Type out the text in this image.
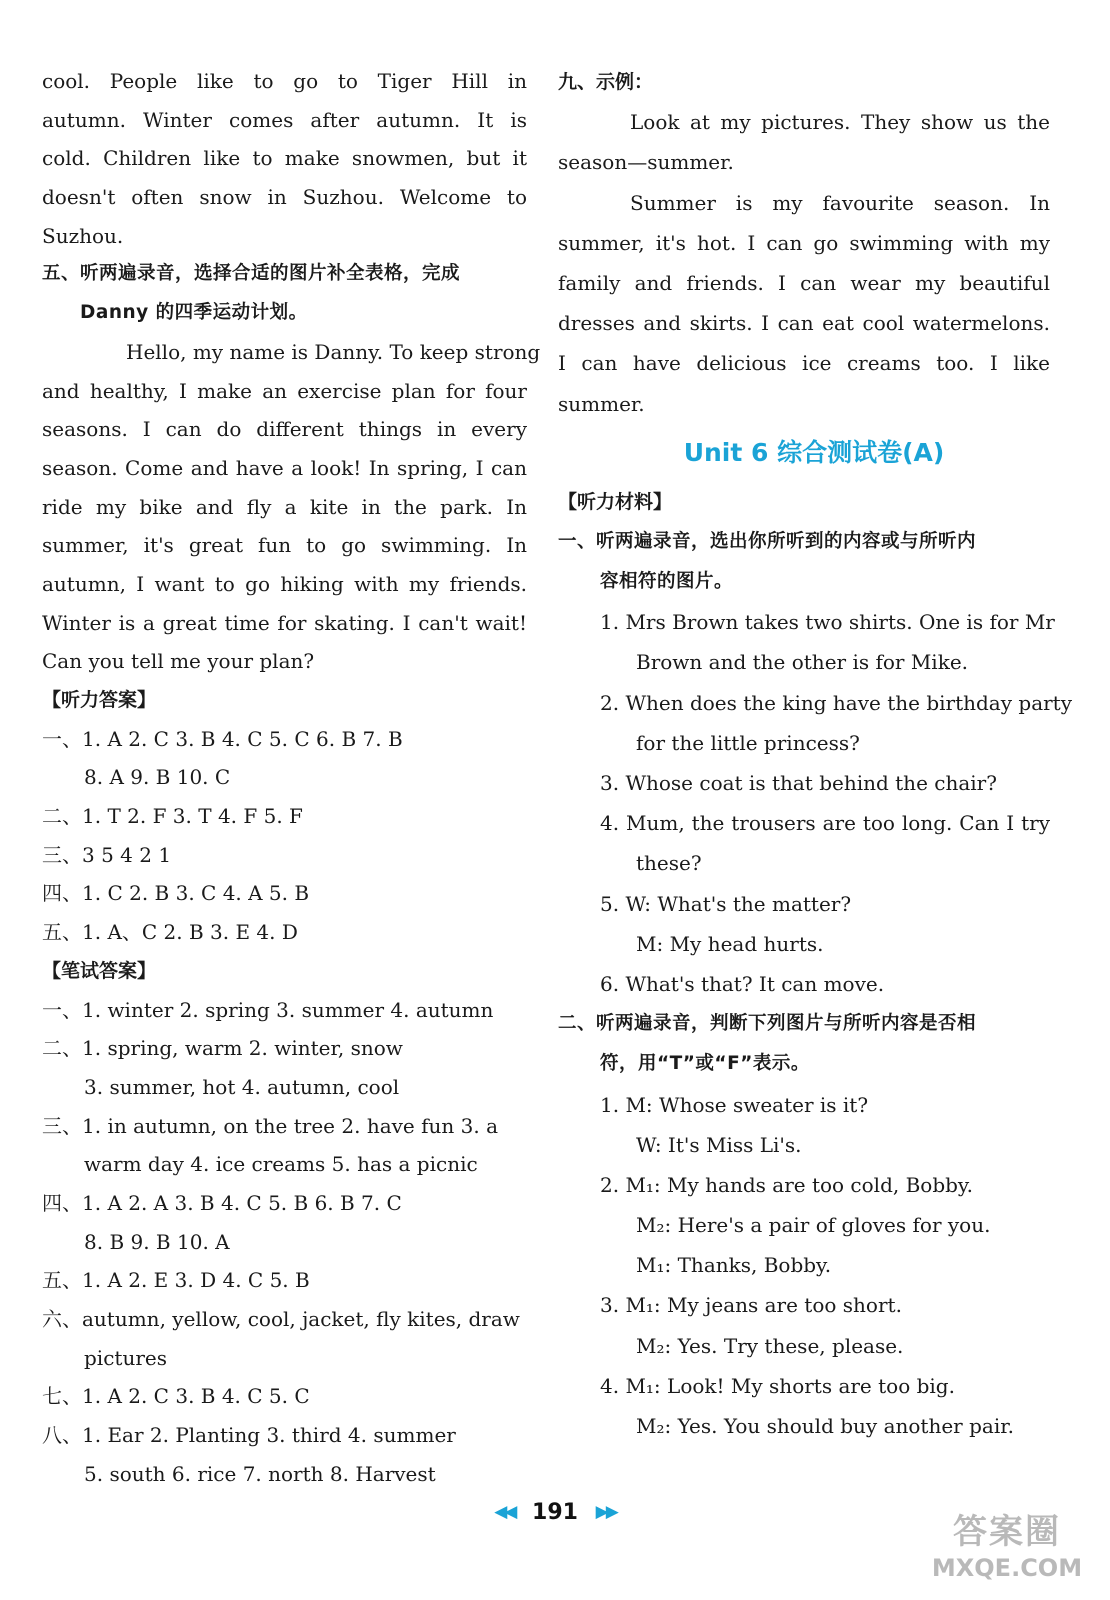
cool. People like to go to Tiger Hill in
autumn. Winter comes after autumn. It is
cold. Children like to make snowmen, but it
doesn't often snow in Suzhou. Welcome to
Suzhou.
五、听两遍录音，选择合适的图片补全表格，完成
Danny 的四季运动计划。
Hello, my name is Danny. To keep strong
and healthy, I make an exercise plan for four
seasons. I can do different things in every
season. Come and have a look! In spring, I can
ride my bike and fly a kite in the park. In
summer, it's great fun to go swimming. In
autumn, I want to go hiking with my friends.
Winter is a great time for skating. I can't wait!
Can you tell me your plan?
【听力答案】
一、1. A 2. C 3. B 4. C 5. C 6. B 7. B
8. A 9. B 10. C
二、1. T 2. F 3. T 4. F 5. F
三、3 5 4 2 1
四、1. C 2. B 3. C 4. A 5. B
五、1. A、C 2. B 3. E 4. D
【笔试答案】
一、1. winter 2. spring 3. summer 4. autumn
二、1. spring, warm 2. winter, snow
3. summer, hot 4. autumn, cool
三、1. in autumn, on the tree 2. have fun 3. a
warm day 4. ice creams 5. has a picnic
四、1. A 2. A 3. B 4. C 5. B 6. B 7. C
8. B 9. B 10. A
五、1. A 2. E 3. D 4. C 5. B
六、autumn, yellow, cool, jacket, fly kites, draw
pictures
七、1. A 2. C 3. B 4. C 5. C
八、1. Ear 2. Planting 3. third 4. summer
5. south 6. rice 7. north 8. Harvest
九、示例：
Look at my pictures. They show us the
season—summer.
Summer is my favourite season. In
summer, it's hot. I can go swimming with my
family and friends. I can wear my beautiful
dresses and skirts. I can eat cool watermelons.
I can have delicious ice creams too. I like
summer.
Unit 6 综合测试卷(A)
【听力材料】
一、听两遍录音，选出你所听到的内容或与所听内
容相符的图片。
1. Mrs Brown takes two shirts. One is for Mr
Brown and the other is for Mike.
2. When does the king have the birthday party
for the little princess?
3. Whose coat is that behind the chair?
4. Mum, the trousers are too long. Can I try
these?
5. W: What's the matter?
M: My head hurts.
6. What's that? It can move.
二、听两遍录音，判断下列图片与所听内容是否相
符，用“T”或“F”表示。
1. M: Whose sweater is it?
W: It's Miss Li's.
2. M₁: My hands are too cold, Bobby.
M₂: Here's a pair of gloves for you.
M₁: Thanks, Bobby.
3. M₁: My jeans are too short.
M₂: Yes. Try these, please.
4. M₁: Look! My shorts are too big.
M₂: Yes. You should buy another pair.
◀◀ 191 ▶▶	答案圈
MXQE.COM
